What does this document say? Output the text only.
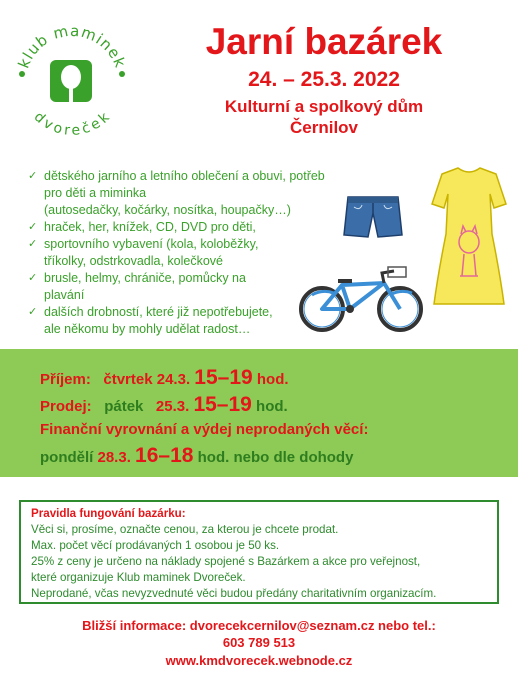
klub maminek
dvoreček
Jarní bazárek
24. – 25.3. 2022
Kulturní a spolkový dům
Černilov
✓ dětského jarního a letního oblečení a obuvi, potřeb pro děti a miminka
(autosedačky, kočárky, nosítka, houpačky…)
✓ hraček, her, knížek, CD, DVD pro děti,
✓ sportovního vybavení (kola, koloběžky,
tříkolky, odstrkovadla, kolečkové
✓ brusle, helmy, chrániče, pomůcky na
plavání
✓ dalších drobností, které již nepotřebujete,
ale někomu by mohly udělat radost…
Příjem: čtvrtek 24.3. 15–19 hod.
Prodej: pátek 25.3. 15–19 hod.
Finanční vyrovnání a výdej neprodaných věcí:
pondělí 28.3. 16–18 hod. nebo dle dohody
Pravidla fungování bazárku:
Věci si, prosíme, označte cenou, za kterou je chcete prodat.
Max. počet věcí prodávaných 1 osobou je 50 ks.
25% z ceny je určeno na náklady spojené s Bazárkem a akce pro veřejnost,
které organizuje Klub maminek Dvoreček.
Neprodané, včas nevyzvednuté věci budou předány charitativním organizacím.
Bližší informace: dvorecekcernilov@seznam.cz nebo tel.:
603 789 513
www.kmdvorecek.webnode.cz
